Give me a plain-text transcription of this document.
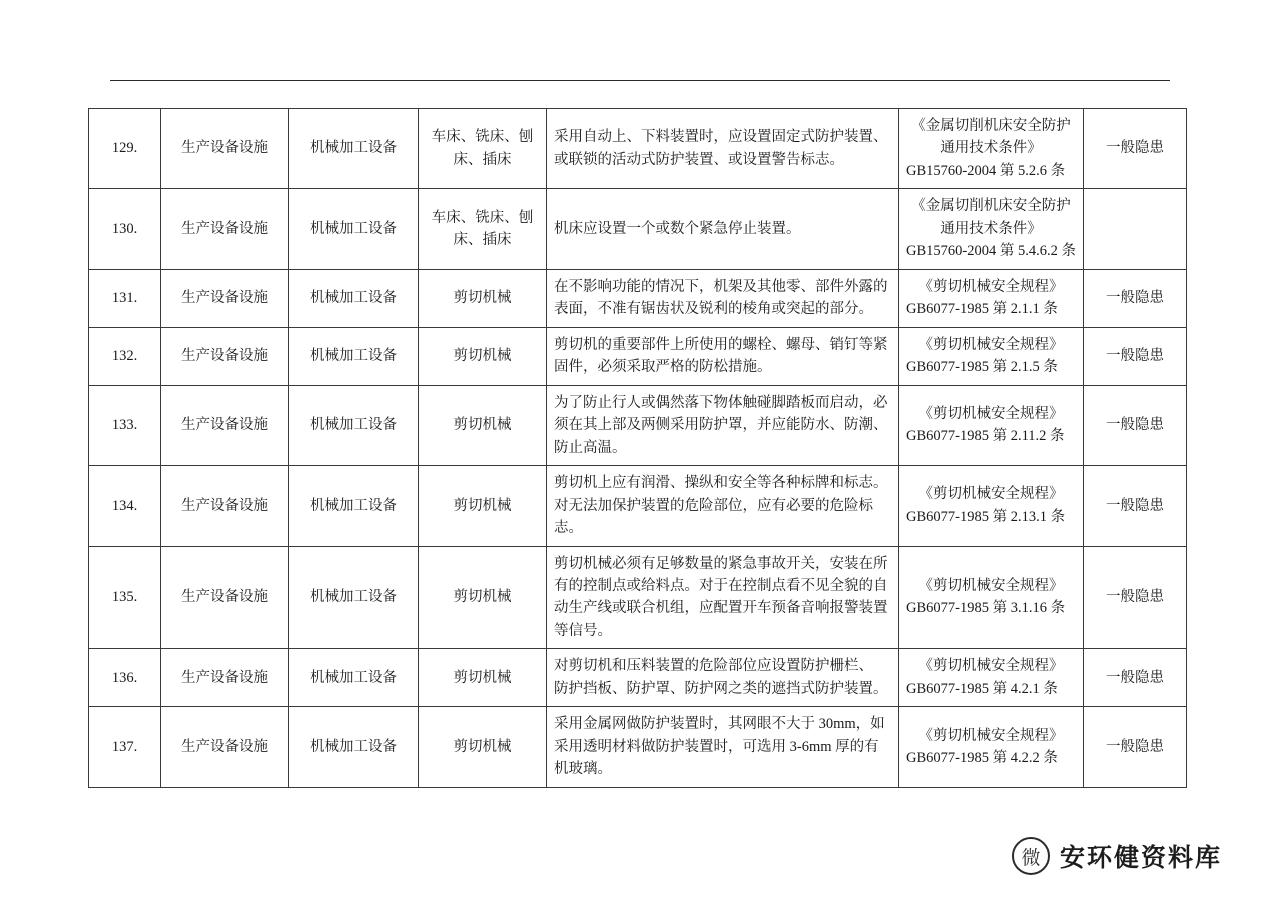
129.	生产设备设施	机械加工设备	车床、铣床、刨床、插床	采用自动上、下料装置时，应设置固定式防护装置、或联锁的活动式防护装置、或设置警告标志。	《金属切削机床安全防护通用技术条件》
GB15760-2004 第 5.2.6 条	一般隐患
130.	生产设备设施	机械加工设备	车床、铣床、刨床、插床	机床应设置一个或数个紧急停止装置。	《金属切削机床安全防护通用技术条件》
GB15760-2004 第 5.4.6.2 条	

131.	生产设备设施	机械加工设备	剪切机械	在不影响功能的情况下，机架及其他零、部件外露的表面，不准有锯齿状及锐利的棱角或突起的部分。	《剪切机械安全规程》
GB6077-1985 第 2.1.1 条	一般隐患
132.	生产设备设施	机械加工设备	剪切机械	剪切机的重要部件上所使用的螺栓、螺母、销钉等紧固件，必须采取严格的防松措施。	《剪切机械安全规程》
GB6077-1985 第 2.1.5 条	一般隐患
133.	生产设备设施	机械加工设备	剪切机械	为了防止行人或偶然落下物体触碰脚踏板而启动，必须在其上部及两侧采用防护罩，并应能防水、防潮、防止高温。	《剪切机械安全规程》
GB6077-1985 第 2.11.2 条	一般隐患
134.	生产设备设施	机械加工设备	剪切机械	剪切机上应有润滑、操纵和安全等各种标牌和标志。对无法加保护装置的危险部位，应有必要的危险标志。	《剪切机械安全规程》
GB6077-1985 第 2.13.1 条	一般隐患
135.	生产设备设施	机械加工设备	剪切机械	剪切机械必须有足够数量的紧急事故开关，安装在所有的控制点或给料点。对于在控制点看不见全貌的自动生产线或联合机组，应配置开车预备音响报警装置等信号。	《剪切机械安全规程》
GB6077-1985 第 3.1.16 条	一般隐患
136.	生产设备设施	机械加工设备	剪切机械	对剪切机和压料装置的危险部位应设置防护栅栏、 防护挡板、防护罩、防护网之类的遮挡式防护装置。	《剪切机械安全规程》
GB6077-1985 第 4.2.1 条	一般隐患
137.	生产设备设施	机械加工设备	剪切机械	采用金属网做防护装置时，其网眼不大于 30mm，如采用透明材料做防护装置时，可选用 3-6mm 厚的有机玻璃。	《剪切机械安全规程》
GB6077-1985 第 4.2.2 条	一般隐患
微 安环健资料库
